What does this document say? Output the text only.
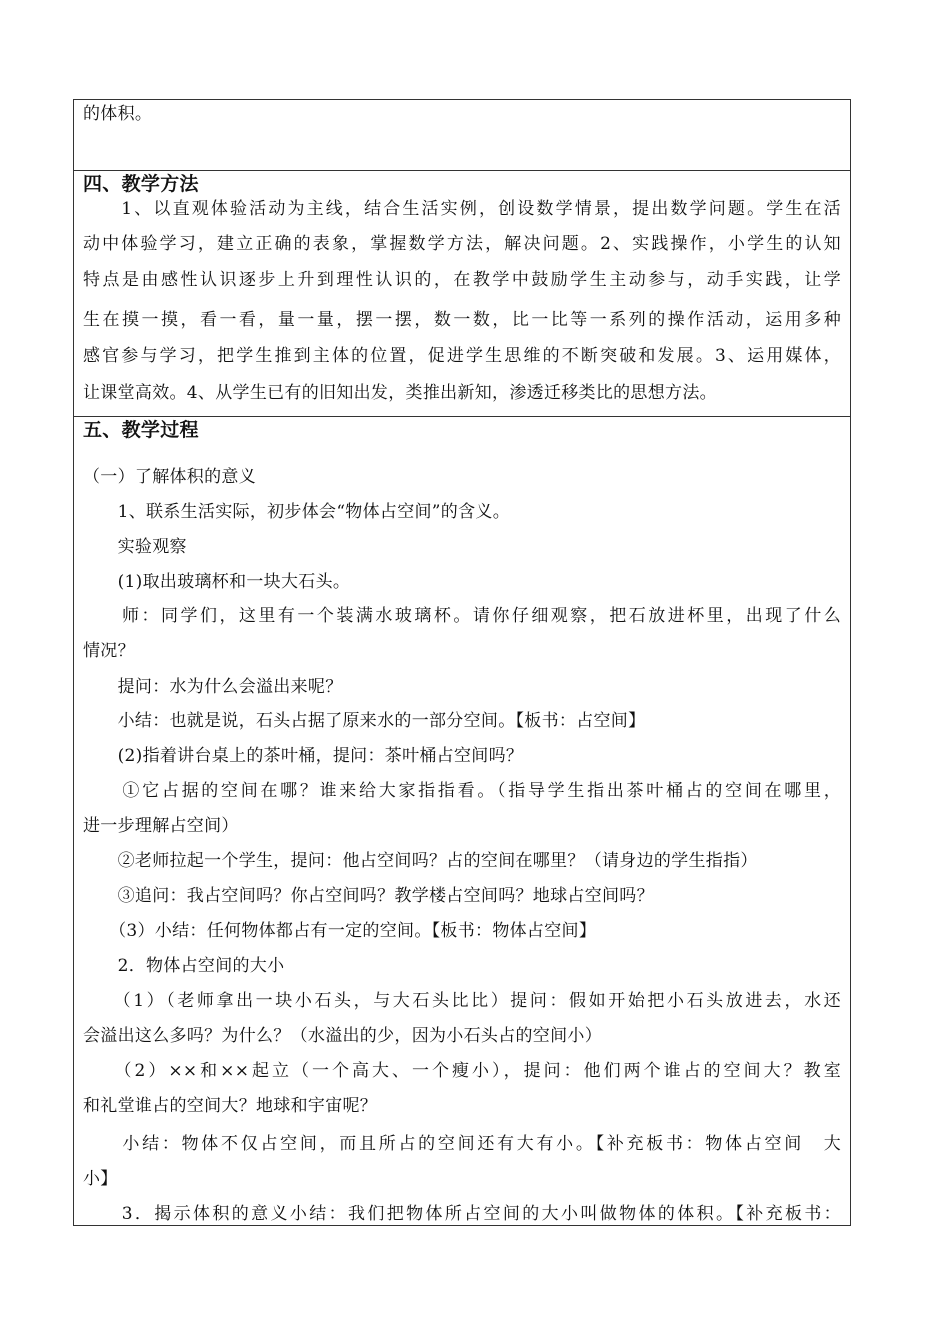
的体积。
四、教学方法
　　1、以直观体验活动为主线，结合生活实例，创设数学情景，提出数学问题。学生在活
动中体验学习，建立正确的表象，掌握数学方法，解决问题。2、实践操作，小学生的认知
特点是由感性认识逐步上升到理性认识的，在教学中鼓励学生主动参与，动手实践，让学
生在摸一摸，看一看，量一量，摆一摆，数一数，比一比等一系列的操作活动，运用多种
感官参与学习，把学生推到主体的位置，促进学生思维的不断突破和发展。3、运用媒体，
让课堂高效。4、从学生已有的旧知出发，类推出新知，渗透迁移类比的思想方法。
五、教学过程
（一）了解体积的意义
　　1、联系生活实际，初步体会“物体占空间”的含义。
　　实验观察
　　(1)取出玻璃杯和一块大石头。
　　师：同学们，这里有一个装满水玻璃杯。请你仔细观察，把石放进杯里，出现了什么
情况？
　　提问：水为什么会溢出来呢？
　　小结：也就是说，石头占据了原来水的一部分空间。【板书：占空间】
　　(2)指着讲台桌上的茶叶桶，提问：茶叶桶占空间吗？
　　①它占据的空间在哪？谁来给大家指指看。（指导学生指出茶叶桶占的空间在哪里，
进一步理解占空间）
　　②老师拉起一个学生，提问：他占空间吗？占的空间在哪里？（请身边的学生指指）
　　③追问：我占空间吗？你占空间吗？教学楼占空间吗？地球占空间吗？
　　（3）小结：任何物体都占有一定的空间。【板书：物体占空间】
　　2．物体占空间的大小
　　（1）（老师拿出一块小石头，与大石头比比）提问：假如开始把小石头放进去，水还
会溢出这么多吗？为什么？（水溢出的少，因为小石头占的空间小）
　　（2）××和××起立（一个高大、一个瘦小），提问：他们两个谁占的空间大？教室
和礼堂谁占的空间大？地球和宇宙呢？
　　小结：物体不仅占空间，而且所占的空间还有大有小。【补充板书：物体占空间　大
小】
　　3．揭示体积的意义小结：我们把物体所占空间的大小叫做物体的体积。【补充板书：
